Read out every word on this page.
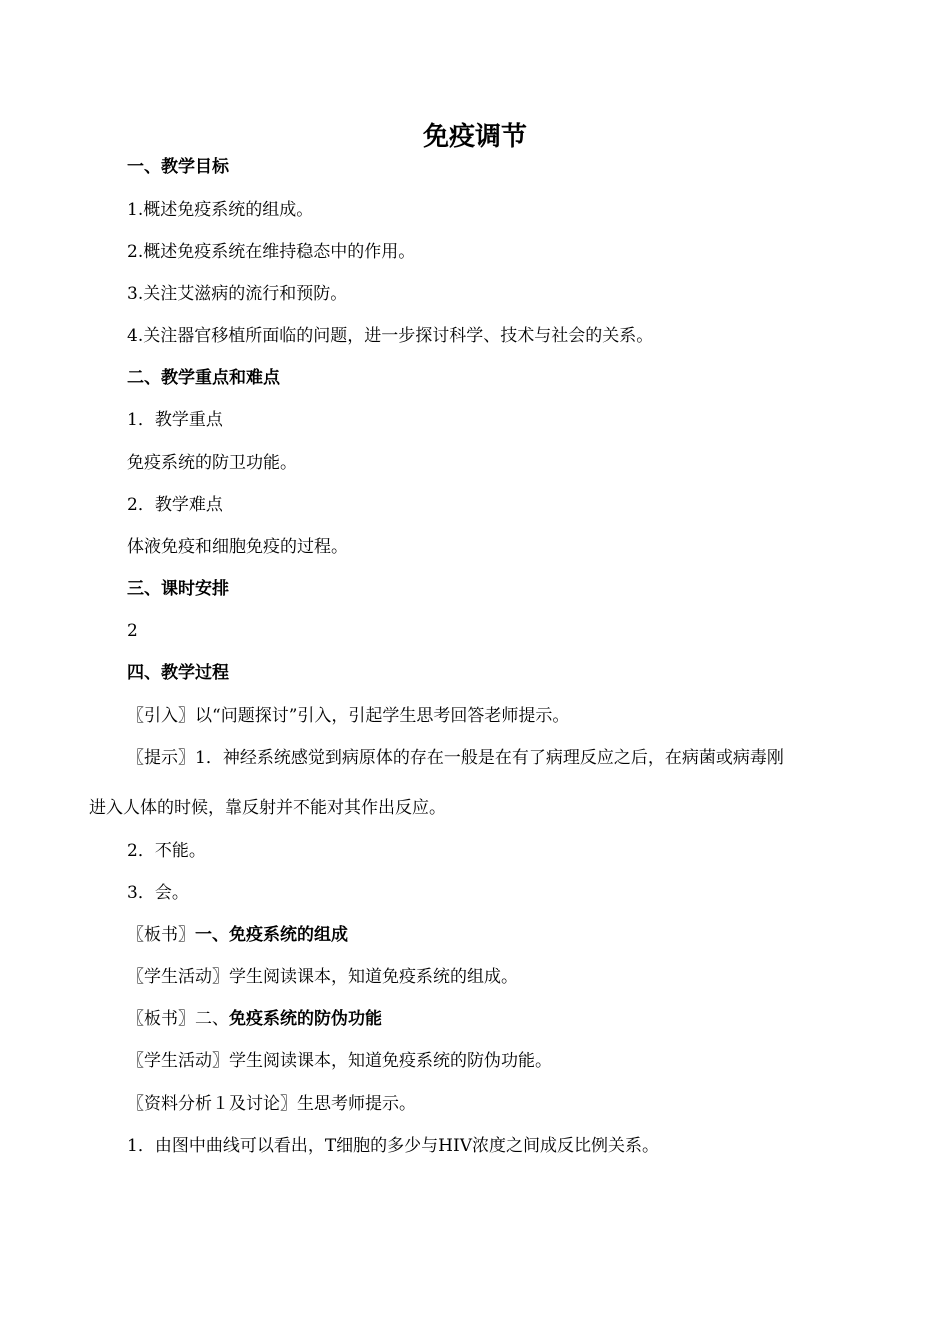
免疫调节
一、教学目标
1.概述免疫系统的组成。
2.概述免疫系统在维持稳态中的作用。
3.关注艾滋病的流行和预防。
4.关注器官移植所面临的问题，进一步探讨科学、技术与社会的关系。
二、教学重点和难点
1．教学重点
免疫系统的防卫功能。
2．教学难点
体液免疫和细胞免疫的过程。
三、课时安排
2
四、教学过程
〖引入〗以“问题探讨”引入，引起学生思考回答老师提示。
〖提示〗1．神经系统感觉到病原体的存在一般是在有了病理反应之后，在病菌或病毒刚
进入人体的时候，靠反射并不能对其作出反应。
2．不能。
3．会。
〖板书〗一、免疫系统的组成
〖学生活动〗学生阅读课本，知道免疫系统的组成。
〖板书〗二、免疫系统的防伪功能
〖学生活动〗学生阅读课本，知道免疫系统的防伪功能。
〖资料分析１及讨论〗生思考师提示。
1．由图中曲线可以看出，T细胞的多少与HIV浓度之间成反比例关系。
